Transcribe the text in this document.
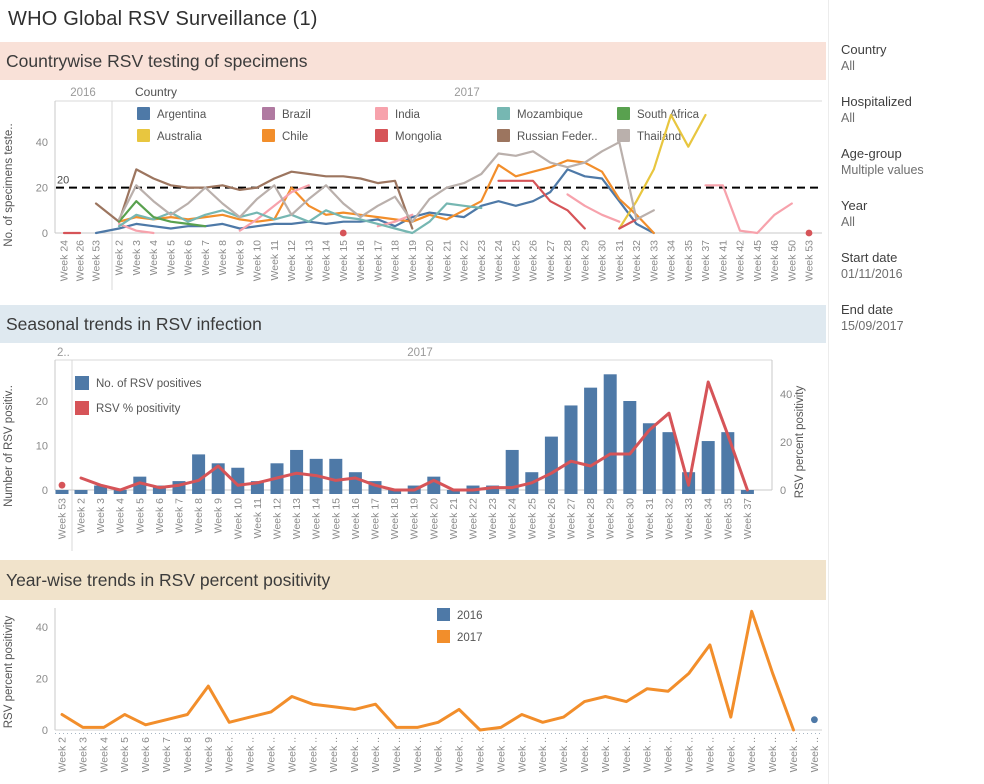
WHO Global RSV Surveillance (1)
Countrywise RSV testing of specimens
2016	2017
Country
Argentina
Australia
Brazil
Chile
India
Mongolia
Mozambique
Russian Feder..
South Africa
Thailand
0
20
40
No. of specimens teste..	20
Week 24 Week 26 Week 53 Week 2 Week 3 Week 4 Week 5 Week 6 Week 7 Week 8 Week 9 Week 10 Week 11 Week 12 Week 13 Week 14 Week 15 Week 16 Week 17 Week 18 Week 19 Week 20 Week 21 Week 22 Week 23 Week 24 Week 25 Week 26 Week 27 Week 28 Week 29 Week 30 Week 31 Week 32 Week 33 Week 34 Week 35 Week 37 Week 41 Week 42 Week 45 Week 46 Week 50 Week 53
Seasonal trends in RSV infection
2..	2017
0
10
20
0
20
40
Number of RSV positiv..	RSV percent positivity
No. of RSV positives
RSV % positivity
Week 53 Week 2 Week 3 Week 4 Week 5 Week 6 Week 7 Week 8 Week 9 Week 10 Week 11 Week 12 Week 13 Week 14 Week 15 Week 16 Week 17 Week 18 Week 19 Week 20 Week 21 Week 22 Week 23 Week 24 Week 25 Week 26 Week 27 Week 28 Week 29 Week 30 Week 31 Week 32 Week 33 Week 34 Week 35 Week 37
Year-wise trends in RSV percent positivity
0
20
40
RSV percent positivity	2016
2017
Week 2 Week 3 Week 4 Week 5 Week 6 Week 7 Week 8 Week 9 Week .. Week .. Week .. Week .. Week .. Week .. Week .. Week .. Week .. Week .. Week .. Week .. Week .. Week .. Week .. Week .. Week .. Week .. Week .. Week .. Week .. Week .. Week .. Week .. Week .. Week .. Week .. Week .. Week ..
Country
All
Hospitalized
All
Age-group
Multiple values
Year
All
Start date
01/11/2016
End date
15/09/2017
